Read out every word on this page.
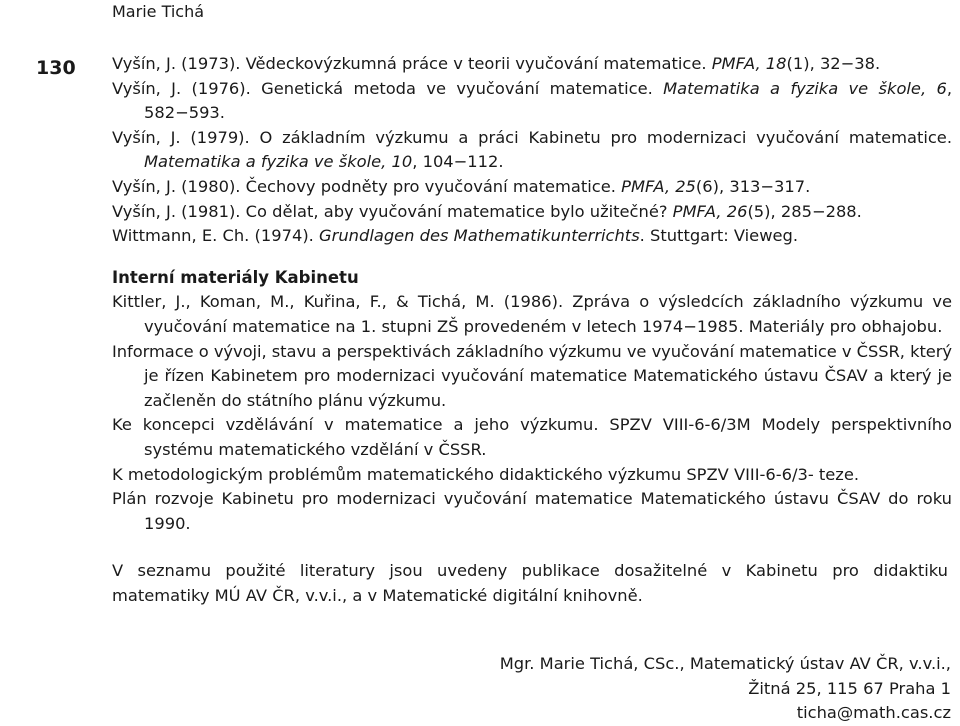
Marie Tichá
130 Vyšín, J. (1973). Vědeckovýzkumná práce v teorii vyučování matematice. PMFA, 18(1), 32−38.

Vyšín, J. (1976). Genetická metoda ve vyučování matematice. Matematika a fyzika ve škole, 6, 582−593.

Vyšín, J. (1979). O základním výzkumu a práci Kabinetu pro modernizaci vyučování matematice. Matematika a fyzika ve škole, 10, 104−112.

Vyšín, J. (1980). Čechovy podněty pro vyučování matematice. PMFA, 25(6), 313−317.

Vyšín, J. (1981). Co dělat, aby vyučování matematice bylo užitečné? PMFA, 26(5), 285−288.

Wittmann, E. Ch. (1974). Grundlagen des Mathematikunterrichts. Stuttgart: Vieweg.

Interní materiály Kabinetu

Kittler, J., Koman, M., Kuřina, F., & Tichá, M. (1986). Zpráva o výsledcích základního výzkumu ve vyučování matematice na 1. stupni ZŠ provedeném v letech 1974−1985. Materiály pro obhajobu.

Informace o vývoji, stavu a perspektivách základního výzkumu ve vyučování matematice v ČSSR, který je řízen Kabinetem pro modernizaci vyučování matematice Matematického ústavu ČSAV a který je začleněn do státního plánu výzkumu.

Ke koncepci vzdělávání v matematice a jeho výzkumu. SPZV VIII-6-6/3M Modely perspektivního systému matematického vzdělání v ČSSR.

K metodologickým problémům matematického didaktického výzkumu SPZV VIII-6-6/3- teze.

Plán rozvoje Kabinetu pro modernizaci vyučování matematice Matematického ústavu ČSAV do roku 1990.

V seznamu použité literatury jsou uvedeny publikace dosažitelné v Kabinetu pro didaktiku matematiky MÚ AV ČR, v.v.i., a v Matematické digitální knihovně.

Mgr. Marie Tichá, CSc., Matematický ústav AV ČR, v.v.i.,
Žitná 25, 115 67 Praha 1
ticha@math.cas.cz
